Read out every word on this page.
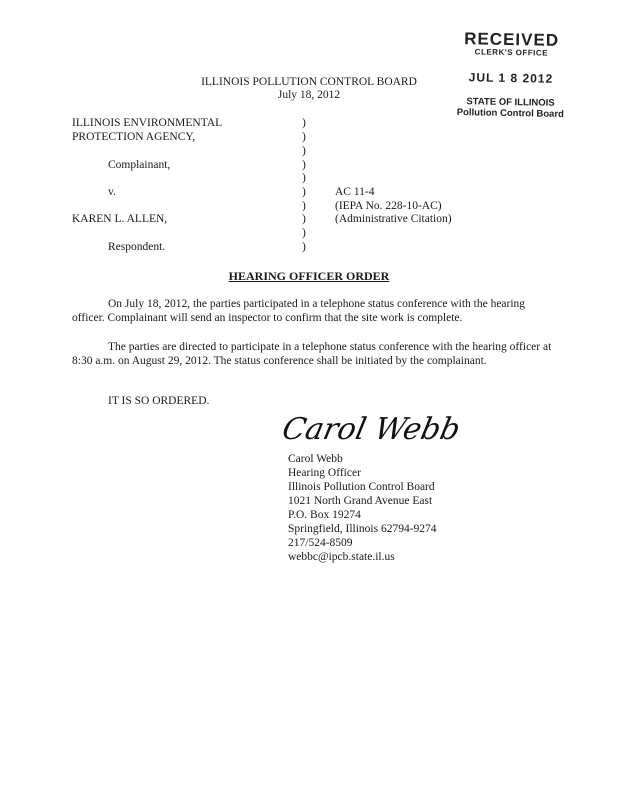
RECEIVED
CLERK'S OFFICE
JUL 1 8 2012
STATE OF ILLINOIS
Pollution Control Board
ILLINOIS POLLUTION CONTROL BOARD
July 18, 2012
ILLINOIS ENVIRONMENTAL
PROTECTION AGENCY,
Complainant,
v.
KAREN L. ALLEN,
Respondent.
)
)
)
)
)
)
)
)
)
)
AC 11-4
(IEPA No. 228-10-AC)
(Administrative Citation)
HEARING OFFICER ORDER
On July 18, 2012, the parties participated in a telephone status conference with the hearing officer. Complainant will send an inspector to confirm that the site work is complete.
The parties are directed to participate in a telephone status conference with the hearing officer at 8:30 a.m. on August 29, 2012. The status conference shall be initiated by the complainant.
IT IS SO ORDERED.
Carol Webb
Carol Webb
Hearing Officer
Illinois Pollution Control Board
1021 North Grand Avenue East
P.O. Box 19274
Springfield, Illinois 62794-9274
217/524-8509
webbc@ipcb.state.il.us
